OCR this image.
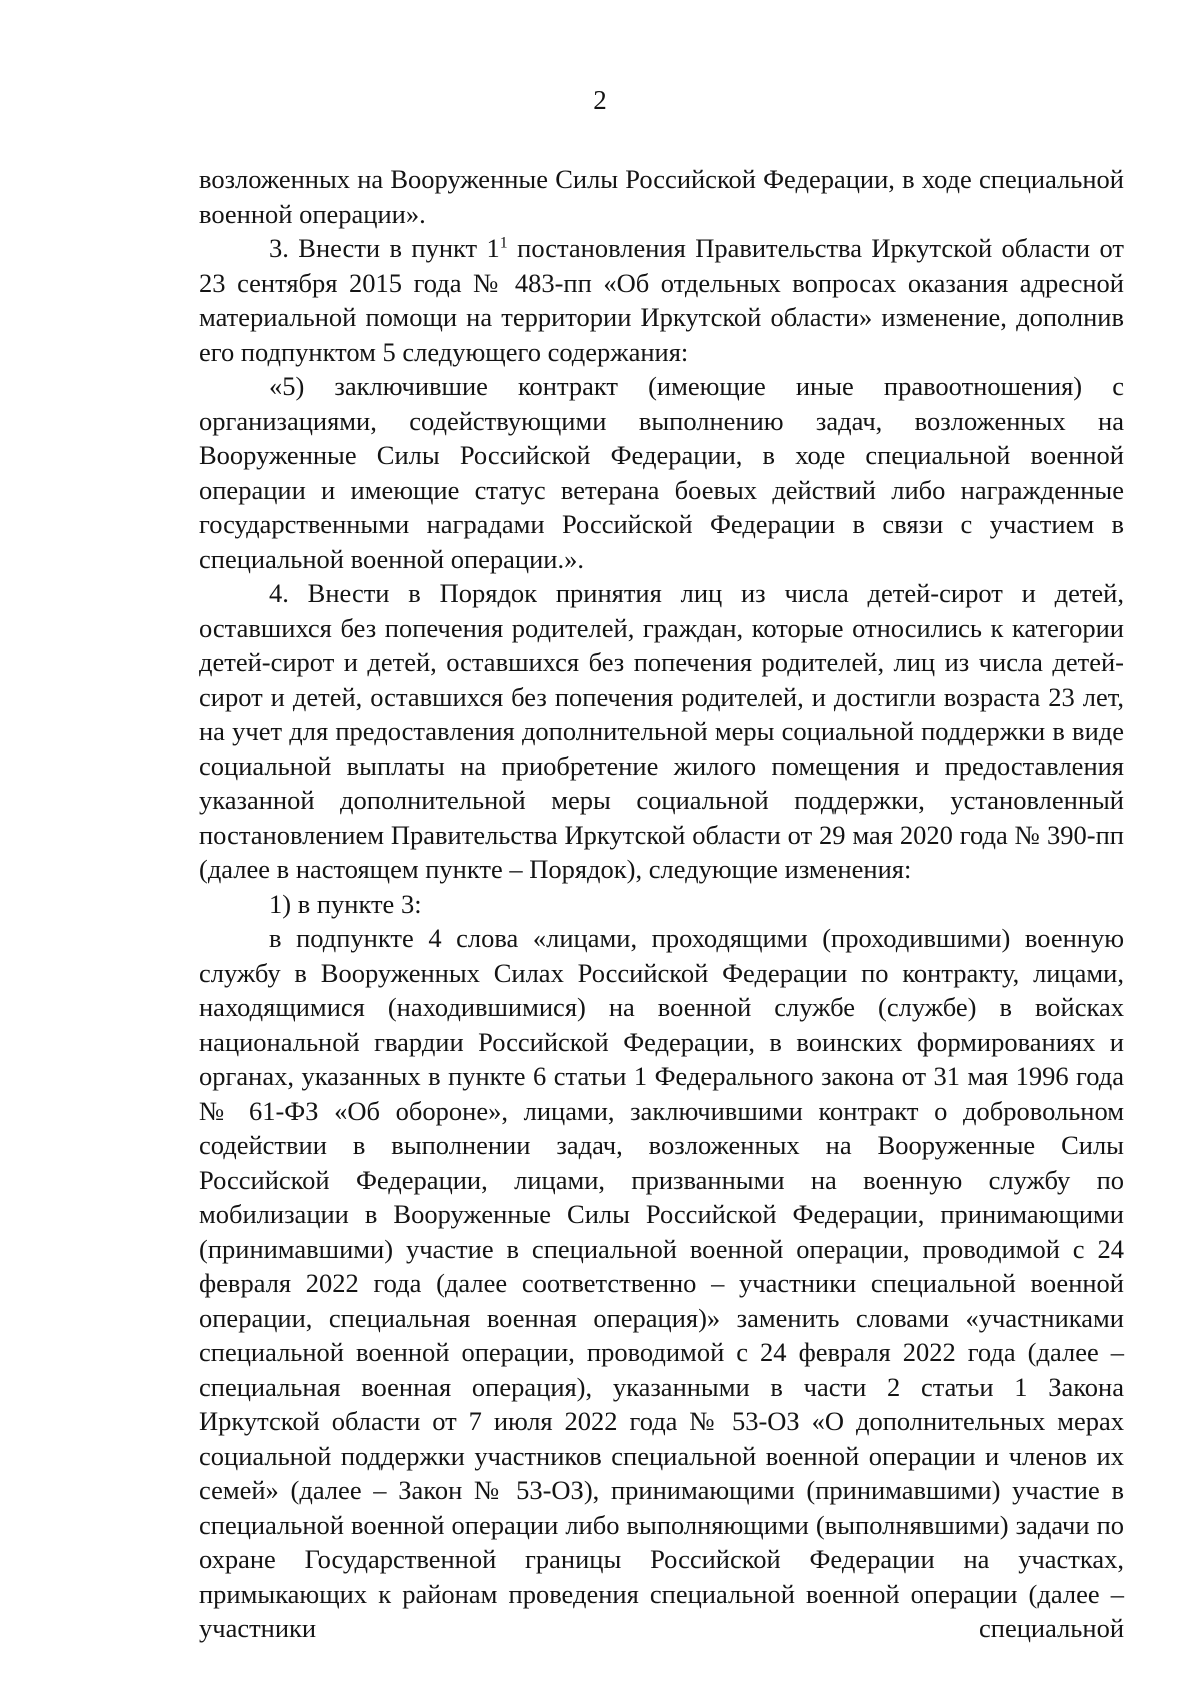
2

возложенных на Вооруженные Силы Российской Федерации, в ходе специальной военной операции».

3. Внести в пункт $1^1$ постановления Правительства Иркутской области от 23 сентября 2015 года № 483-пп «Об отдельных вопросах оказания адресной материальной помощи на территории Иркутской области» изменение, дополнив его подпунктом 5 следующего содержания:

«5) заключившие контракт (имеющие иные правоотношения) с организациями, содействующими выполнению задач, возложенных на Вооруженные Силы Российской Федерации, в ходе специальной военной операции и имеющие статус ветерана боевых действий либо награжденные государственными наградами Российской Федерации в связи с участием в специальной военной операции.».

4. Внести в Порядок принятия лиц из числа детей-сирот и детей, оставшихся без попечения родителей, граждан, которые относились к категории детей-сирот и детей, оставшихся без попечения родителей, лиц из числа детей-сирот и детей, оставшихся без попечения родителей, и достигли возраста 23 лет, на учет для предоставления дополнительной меры социальной поддержки в виде социальной выплаты на приобретение жилого помещения и предоставления указанной дополнительной меры социальной поддержки, установленный постановлением Правительства Иркутской области от 29 мая 2020 года № 390-пп (далее в настоящем пункте – Порядок), следующие изменения:

1) в пункте 3:

в подпункте 4 слова «лицами, проходящими (проходившими) военную службу в Вооруженных Силах Российской Федерации по контракту, лицами, находящимися (находившимися) на военной службе (службе) в войсках национальной гвардии Российской Федерации, в воинских формированиях и органах, указанных в пункте 6 статьи 1 Федерального закона от 31 мая 1996 года № 61-ФЗ «Об обороне», лицами, заключившими контракт о добровольном содействии в выполнении задач, возложенных на Вооруженные Силы Российской Федерации, лицами, призванными на военную службу по мобилизации в Вооруженные Силы Российской Федерации, принимающими (принимавшими) участие в специальной военной операции, проводимой с 24 февраля 2022 года (далее соответственно – участники специальной военной операции, специальная военная операция)» заменить словами «участниками специальной военной операции, проводимой с 24 февраля 2022 года (далее – специальная военная операция), указанными в части 2 статьи 1 Закона Иркутской области от 7 июля 2022 года № 53-ОЗ «О дополнительных мерах социальной поддержки участников специальной военной операции и членов их семей» (далее – Закон № 53-ОЗ), принимающими (принимавшими) участие в специальной военной операции либо выполняющими (выполнявшими) задачи по охране Государственной границы Российской Федерации на участках, примыкающих к районам проведения специальной военной операции (далее – участники специальной
